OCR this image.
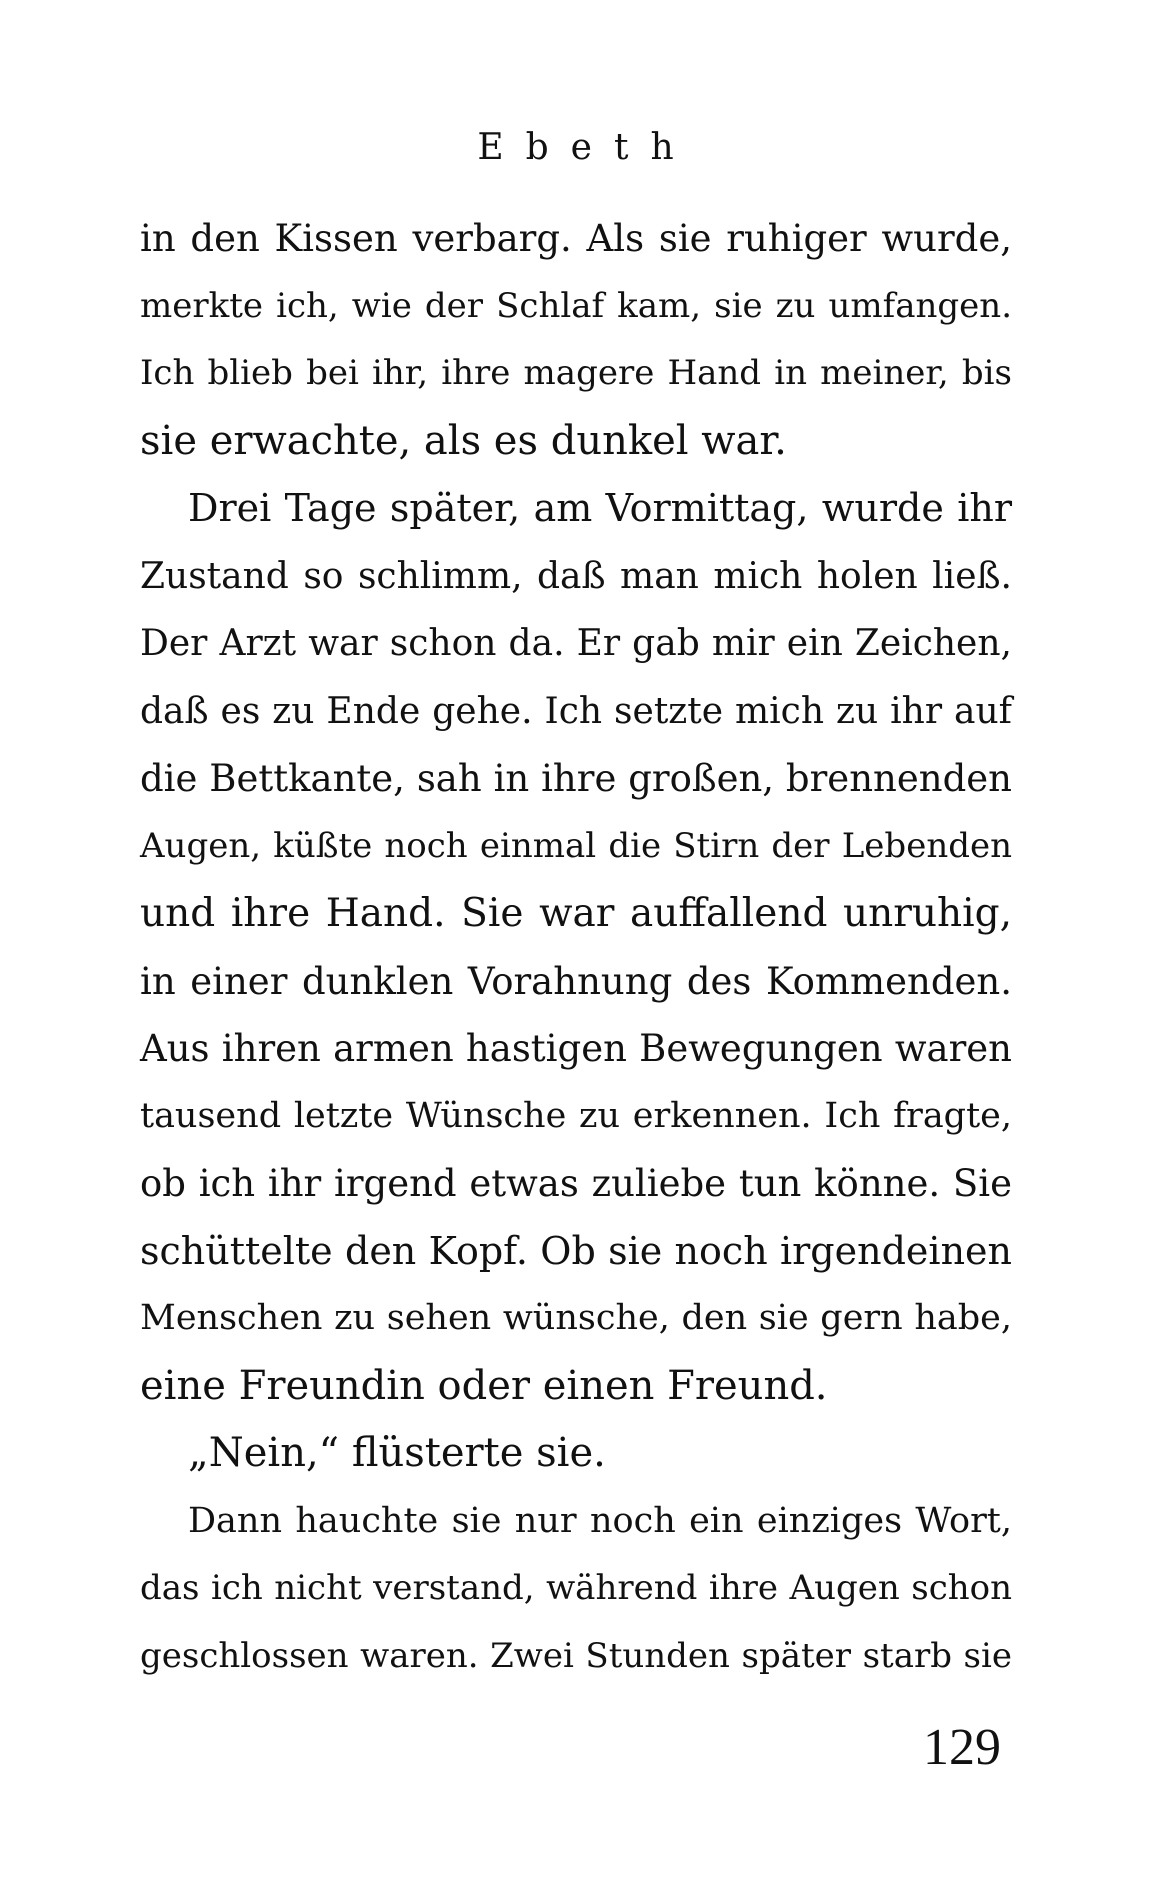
Ebeth
in den Kissen verbarg. Als sie ruhiger wurde,
merkte ich, wie der Schlaf kam, sie zu umfangen.
Ich blieb bei ihr, ihre magere Hand in meiner, bis
sie erwachte, als es dunkel war.
Drei Tage später, am Vormittag, wurde ihr
Zustand so schlimm, daß man mich holen ließ.
Der Arzt war schon da. Er gab mir ein Zeichen,
daß es zu Ende gehe. Ich setzte mich zu ihr auf
die Bettkante, sah in ihre großen, brennenden
Augen, küßte noch einmal die Stirn der Lebenden
und ihre Hand. Sie war auffallend unruhig,
in einer dunklen Vorahnung des Kommenden.
Aus ihren armen hastigen Bewegungen waren
tausend letzte Wünsche zu erkennen. Ich fragte,
ob ich ihr irgend etwas zuliebe tun könne. Sie
schüttelte den Kopf. Ob sie noch irgendeinen
Menschen zu sehen wünsche, den sie gern habe,
eine Freundin oder einen Freund.
„Nein,“ flüsterte sie.
Dann hauchte sie nur noch ein einziges Wort,
das ich nicht verstand, während ihre Augen schon
geschlossen waren. Zwei Stunden später starb sie
129
